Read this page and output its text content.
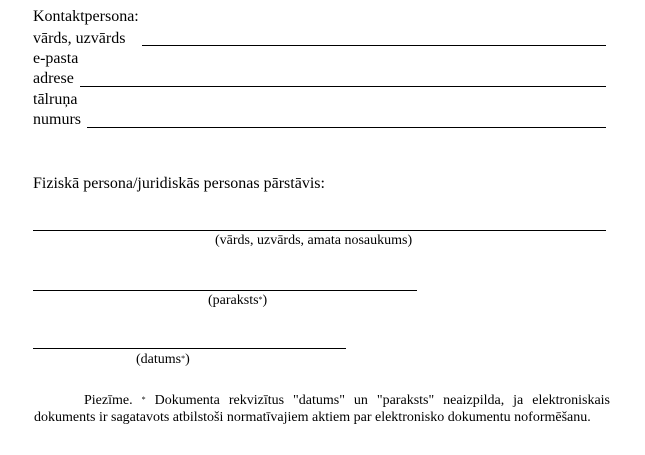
Kontaktpersona:
vārds, uzvārds
e-pasta
adrese
tālruņa
numurs
Fiziskā persona/juridiskās personas pārstāvis:
(vārds, uzvārds, amata nosaukums)
(paraksts*)
(datums*)
Piezīme. * Dokumenta rekvizītus "datums" un "paraksts" neaizpilda, ja elektroniskais dokuments ir sagatavots atbilstoši normatīvajiem aktiem par elektronisko dokumentu noformēšanu.
